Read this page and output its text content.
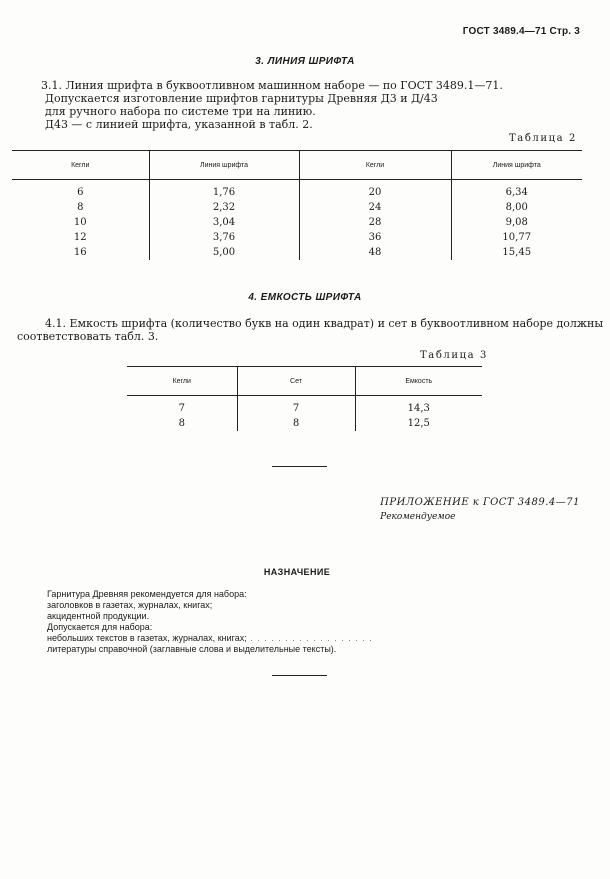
ГОСТ 3489.4—71 Стр. 3
3. ЛИНИЯ ШРИФТА
3.1. Линия шрифта в буквоотливном машинном наборе — по ГОСТ 3489.1—71.
Допускается изготовление шрифтов гарнитуры Древняя Д3 и Д/43
для ручного набора по системе три на линию.
Д43 — с линией шрифта, указанной в табл. 2.
Таблица 2
Кегли	Линия шрифта	Кегли	Линия шрифта
6	1,76	20	6,34
8	2,32	24	8,00
10	3,04	28	9,08
12	3,76	36	10,77
16	5,00	48	15,45
4. ЕМКОСТЬ ШРИФТА
4.1. Емкость шрифта (количество букв на один квадрат) и сет в буквоотливном наборе должны
соответствовать табл. 3.
Таблица 3
Кегли	Сет	Емкость
7	7	14,3
8	8	12,5
ПРИЛОЖЕНИЕ к ГОСТ 3489.4—71
Рекомендуемое
НАЗНАЧЕНИЕ
Гарнитура Древняя рекомендуется для набора:
заголовков в газетах, журналах, книгах;
акцидентной продукции.
Допускается для набора:
небольших текстов в газетах, журналах, книгах; . . . . . . . . . . . . . . . . . .
литературы справочной (заглавные слова и выделительные тексты).
